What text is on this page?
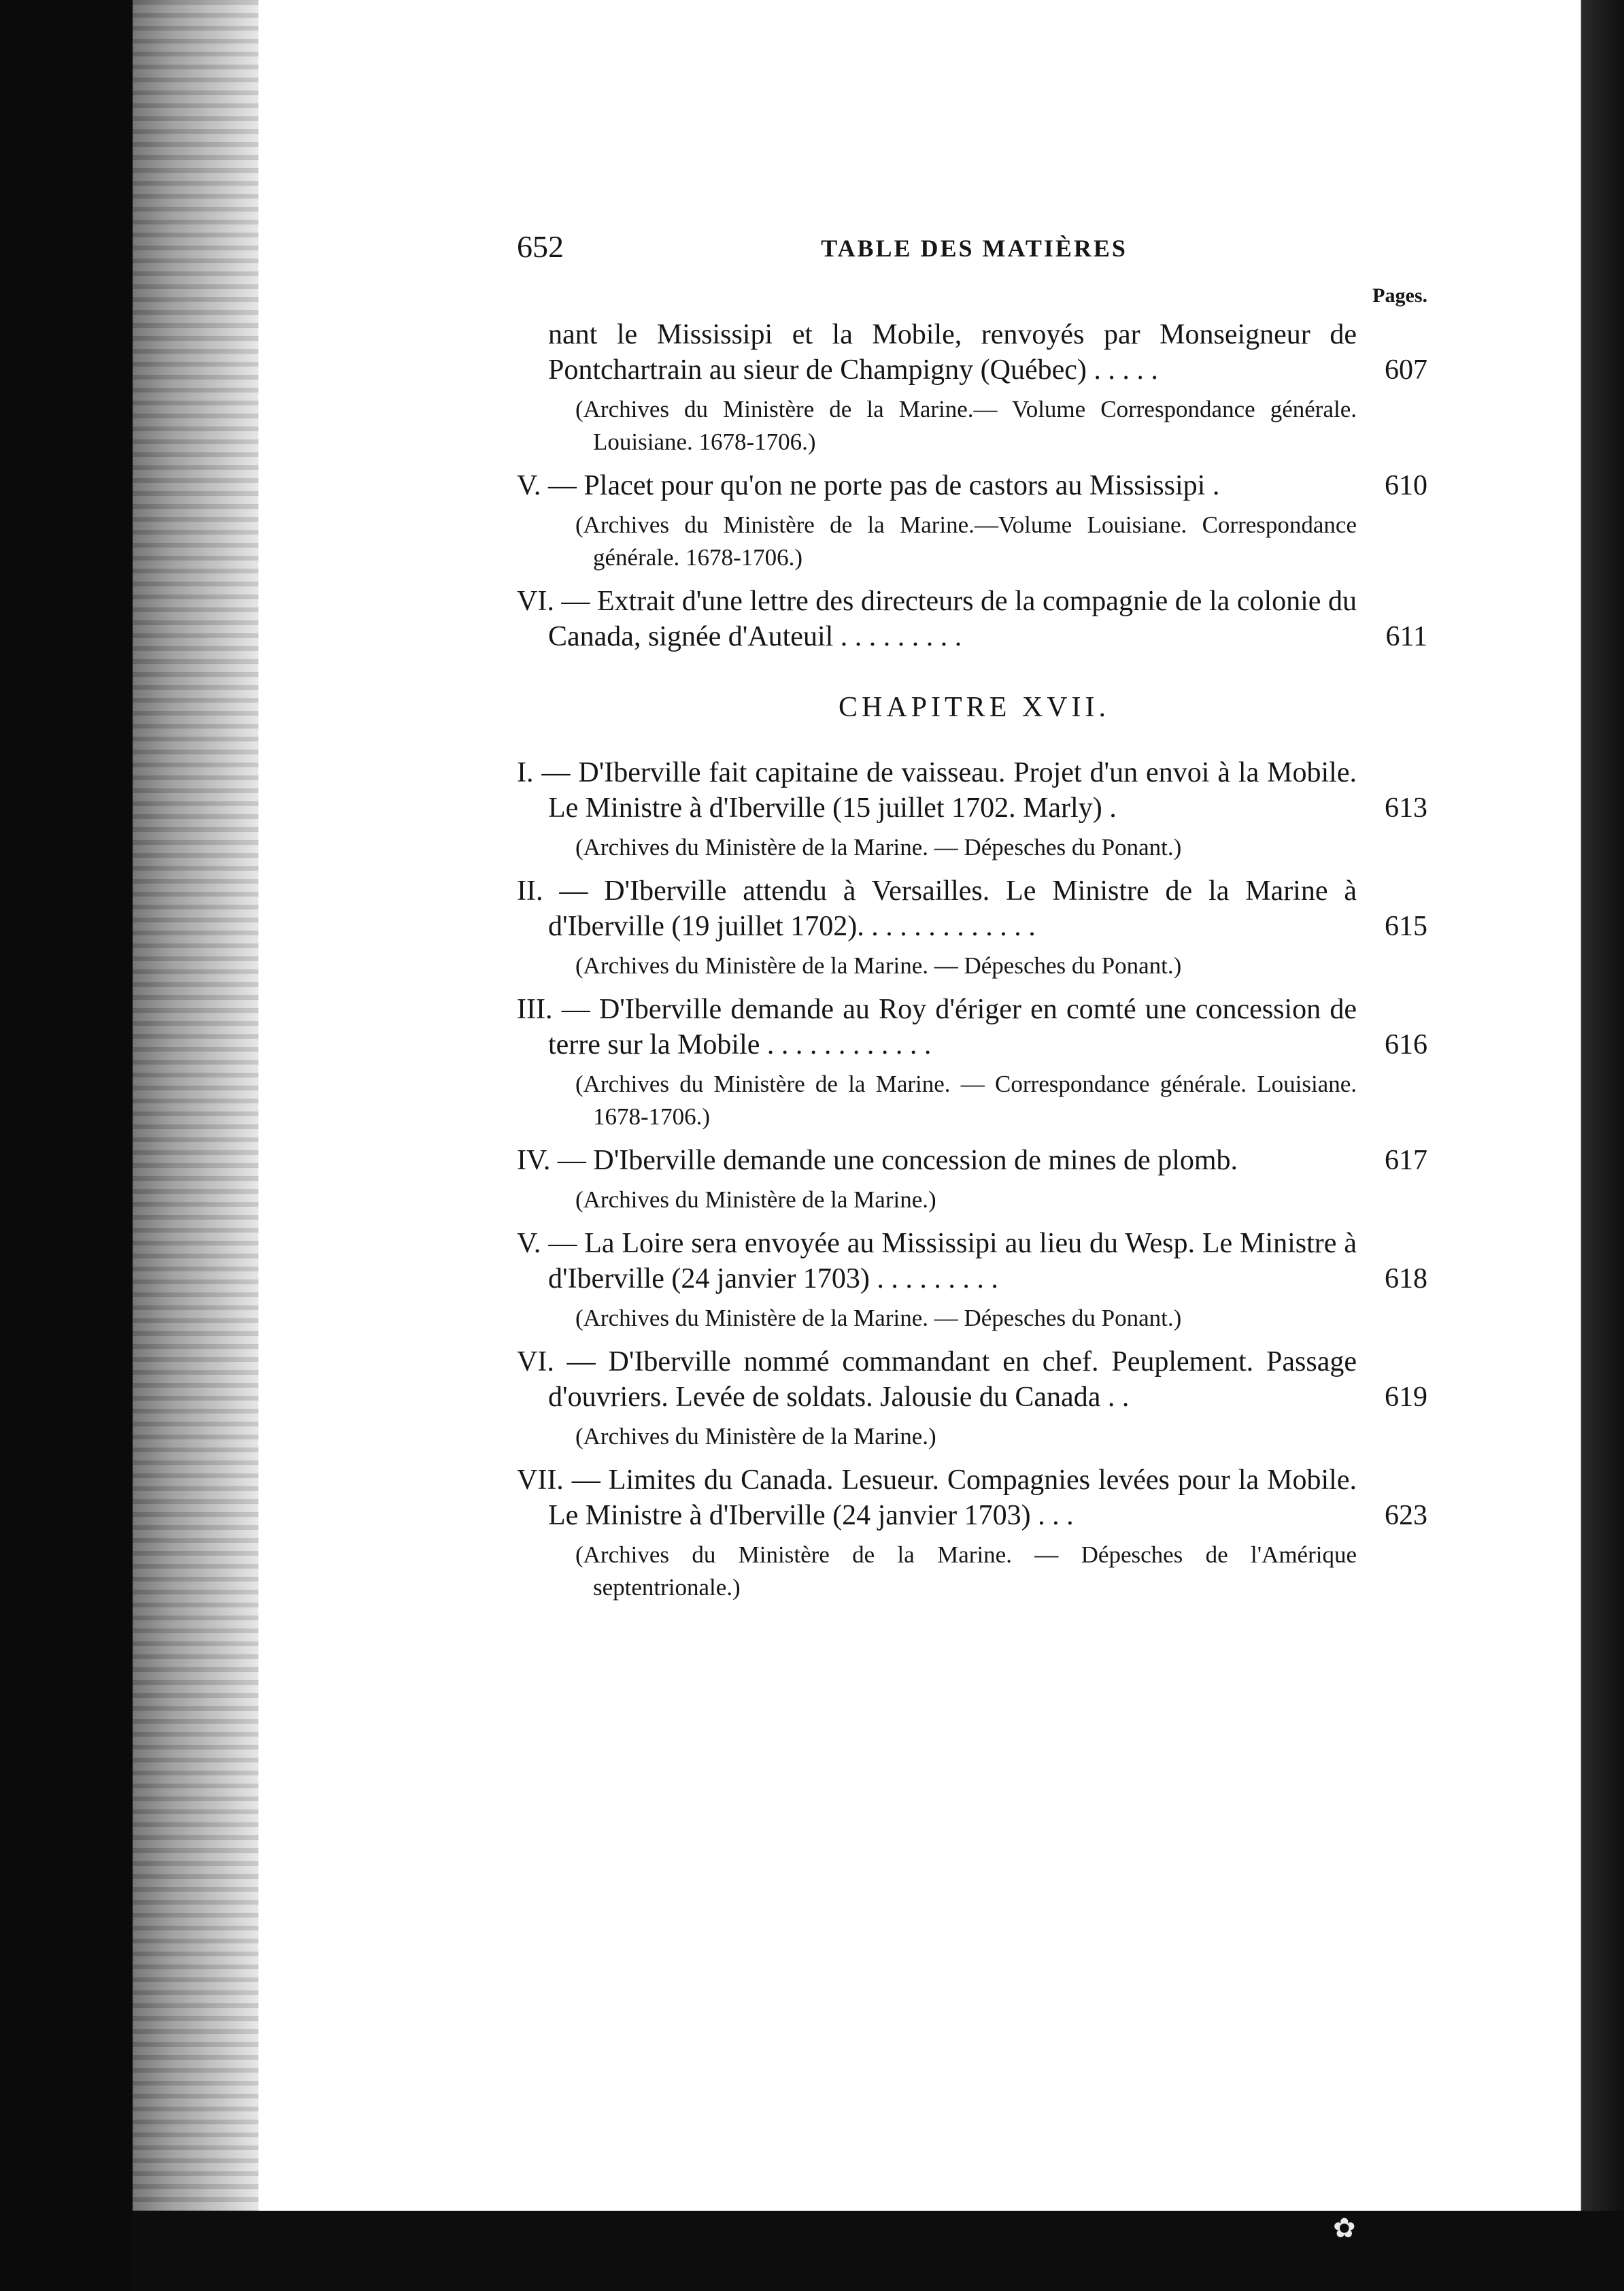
652	TABLE DES MATIÈRES
Pages.
nant le Mississipi et la Mobile, renvoyés par Monseigneur de Pontchartrain au sieur de Champigny (Québec) . . . . .	607
(Archives du Ministère de la Marine.— Volume Correspondance générale. Louisiane. 1678-1706.)
V. — Placet pour qu'on ne porte pas de castors au Mississipi .	610
(Archives du Ministère de la Marine.—Volume Louisiane. Correspondance générale. 1678-1706.)
VI. — Extrait d'une lettre des directeurs de la compagnie de la colonie du Canada, signée d'Auteuil . . . . . . . . .	611
CHAPITRE XVII.
I. — D'Iberville fait capitaine de vaisseau. Projet d'un envoi à la Mobile. Le Ministre à d'Iberville (15 juillet 1702. Marly) .	613
(Archives du Ministère de la Marine. — Dépesches du Ponant.)
II. — D'Iberville attendu à Versailles. Le Ministre de la Marine à d'Iberville (19 juillet 1702). . . . . . . . . . . . .	615
(Archives du Ministère de la Marine. — Dépesches du Ponant.)
III. — D'Iberville demande au Roy d'ériger en comté une concession de terre sur la Mobile . . . . . . . . . . . .	616
(Archives du Ministère de la Marine. — Correspondance générale. Louisiane. 1678-1706.)
IV. — D'Iberville demande une concession de mines de plomb.	617
(Archives du Ministère de la Marine.)
V. — La Loire sera envoyée au Mississipi au lieu du Wesp. Le Ministre à d'Iberville (24 janvier 1703) . . . . . . . . .	618
(Archives du Ministère de la Marine. — Dépesches du Ponant.)
VI. — D'Iberville nommé commandant en chef. Peuplement. Passage d'ouvriers. Levée de soldats. Jalousie du Canada . .	619
(Archives du Ministère de la Marine.)
VII. — Limites du Canada. Lesueur. Compagnies levées pour la Mobile. Le Ministre à d'Iberville (24 janvier 1703) . . .	623
(Archives du Ministère de la Marine. — Dépesches de l'Amérique septentrionale.)
✿
